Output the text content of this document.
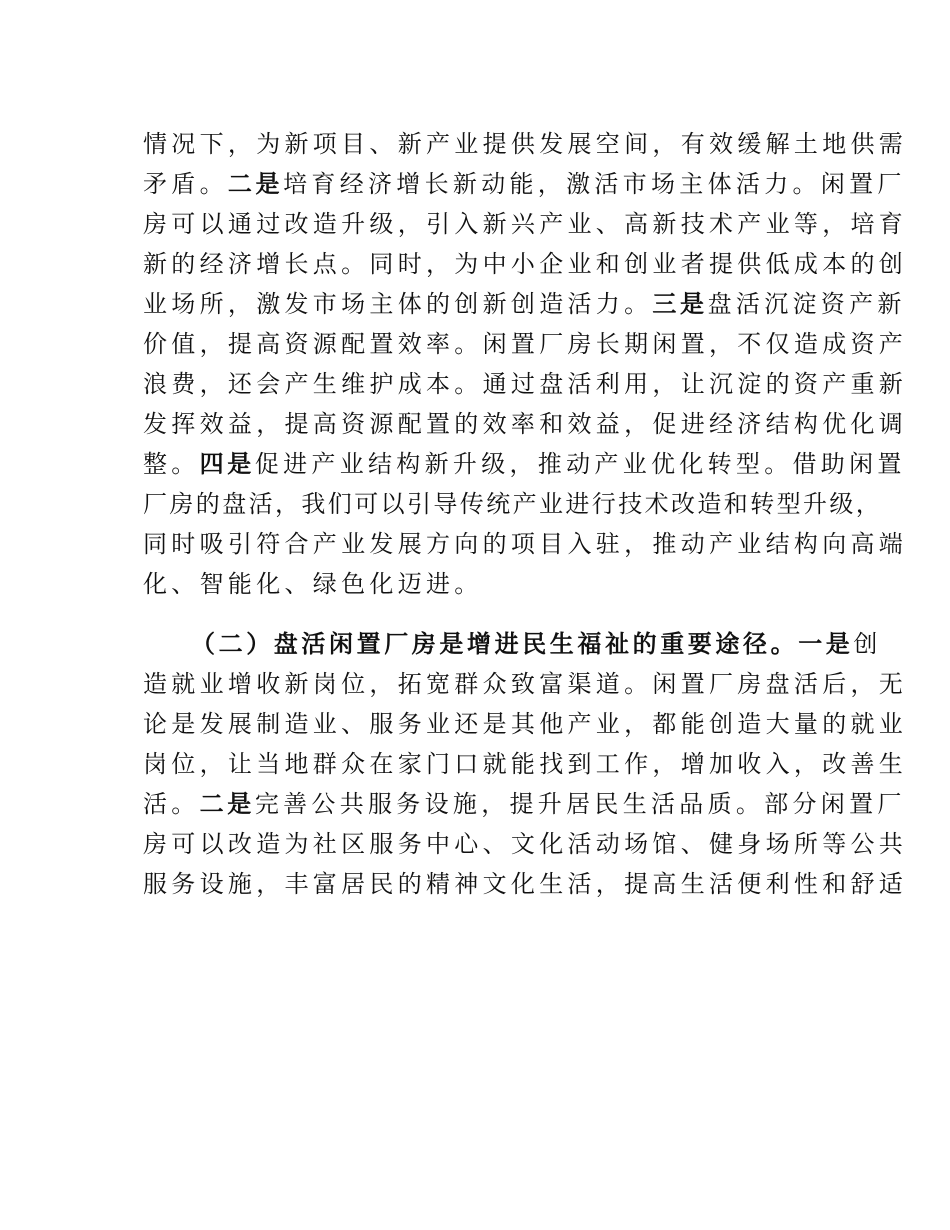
情况下，为新项目、新产业提供发展空间，有效缓解土地供需
矛盾。二是培育经济增长新动能，激活市场主体活力。闲置厂
房可以通过改造升级，引入新兴产业、高新技术产业等，培育
新的经济增长点。同时，为中小企业和创业者提供低成本的创
业场所，激发市场主体的创新创造活力。三是盘活沉淀资产新
价值，提高资源配置效率。闲置厂房长期闲置，不仅造成资产
浪费，还会产生维护成本。通过盘活利用，让沉淀的资产重新
发挥效益，提高资源配置的效率和效益，促进经济结构优化调
整。四是促进产业结构新升级，推动产业优化转型。借助闲置
厂房的盘活，我们可以引导传统产业进行技术改造和转型升级，
同时吸引符合产业发展方向的项目入驻，推动产业结构向高端
化、智能化、绿色化迈进。

（二）盘活闲置厂房是增进民生福祉的重要途径。一是创
造就业增收新岗位，拓宽群众致富渠道。闲置厂房盘活后，无
论是发展制造业、服务业还是其他产业，都能创造大量的就业
岗位，让当地群众在家门口就能找到工作，增加收入，改善生
活。二是完善公共服务设施，提升居民生活品质。部分闲置厂
房可以改造为社区服务中心、文化活动场馆、健身场所等公共
服务设施，丰富居民的精神文化生活，提高生活便利性和舒适
